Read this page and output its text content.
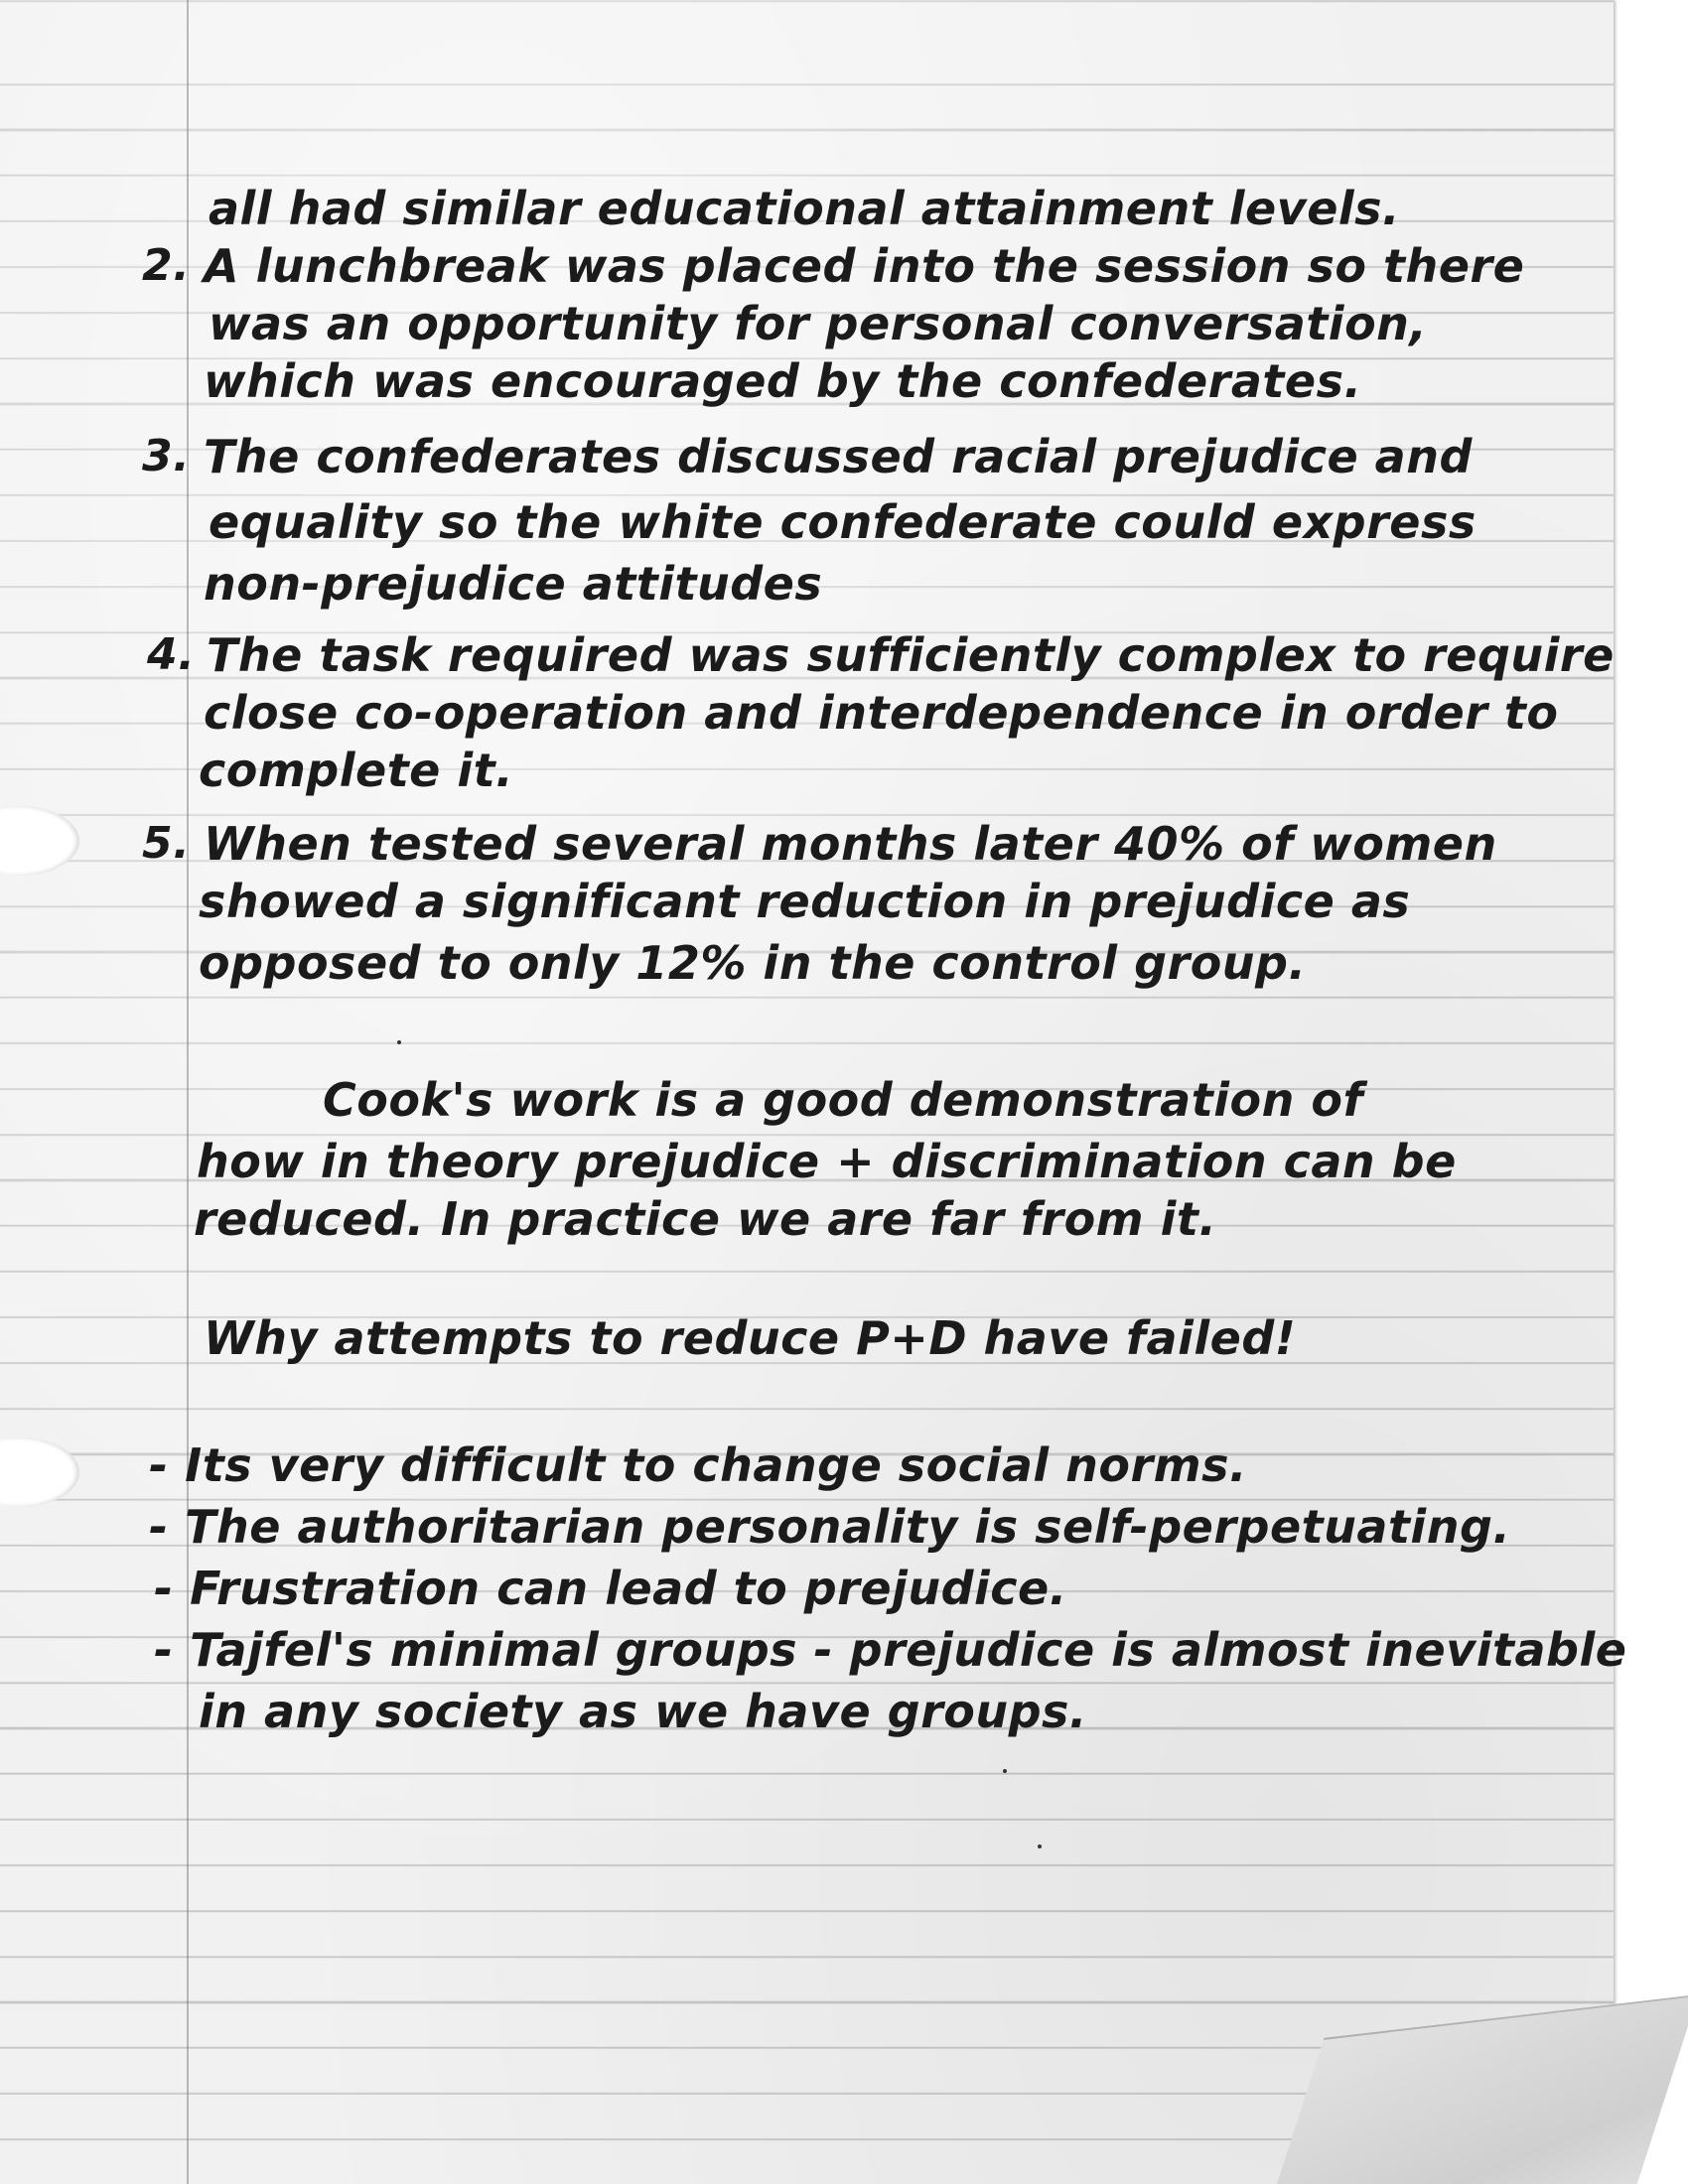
all had similar educational attainment levels.
2. A lunchbreak was placed into the session so there
was an opportunity for personal conversation,
which was encouraged by the confederates.
3. The confederates discussed racial prejudice and
equality so the white confederate could express
non-prejudice attitudes
4. The task required was sufficiently complex to require
close co-operation and interdependence in order to
complete it.
5. When tested several months later 40% of women
showed a significant reduction in prejudice as
opposed to only 12% in the control group.
Cook's work is a good demonstration of
how in theory prejudice + discrimination can be
reduced. In practice we are far from it.
Why attempts to reduce P+D have failed!
- Its very difficult to change social norms.
- The authoritarian personality is self-perpetuating.
- Frustration can lead to prejudice.
- Tajfel's minimal groups - prejudice is almost inevitable
in any society as we have groups.
